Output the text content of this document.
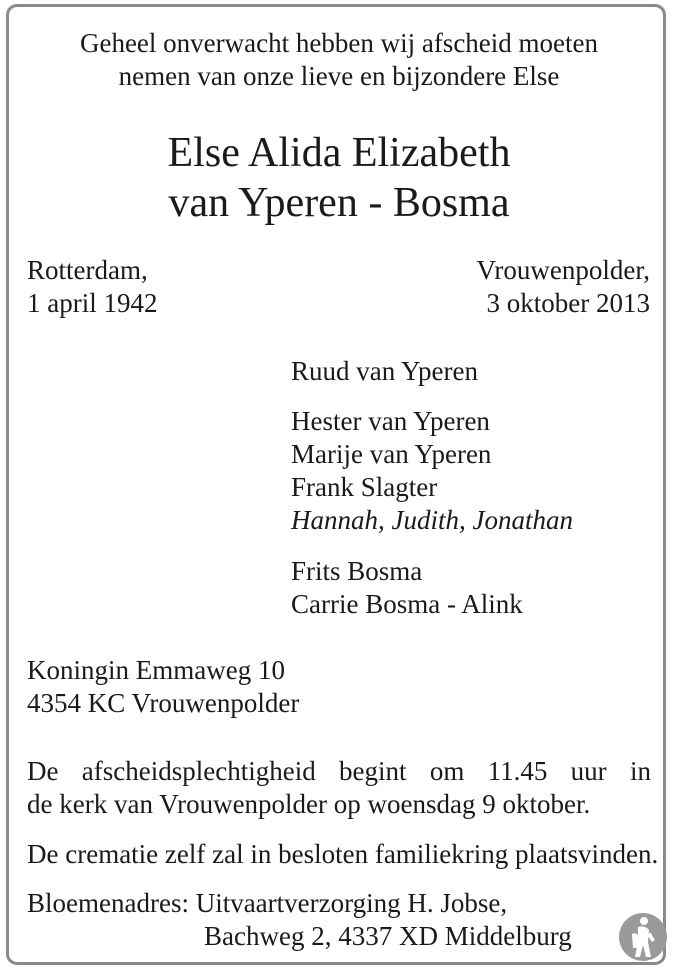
Geheel onverwacht hebben wij afscheid moeten

nemen van onze lieve en bijzondere Else

Else Alida Elizabeth

van Yperen - Bosma

Rotterdam,

1 april 1942

Vrouwenpolder,

3 oktober 2013

Ruud van Yperen

Hester van Yperen

Marije van Yperen

Frank Slagter

Hannah, Judith, Jonathan

Frits Bosma

Carrie Bosma - Alink

Koningin Emmaweg 10

4354 KC Vrouwenpolder

De afscheidsplechtigheid begint om 11.45 uur in

de kerk van Vrouwenpolder op woensdag 9 oktober.

De crematie zelf zal in besloten familiekring plaatsvinden.

Bloemenadres: Uitvaartverzorging H. Jobse,

Bachweg 2, 4337 XD Middelburg
